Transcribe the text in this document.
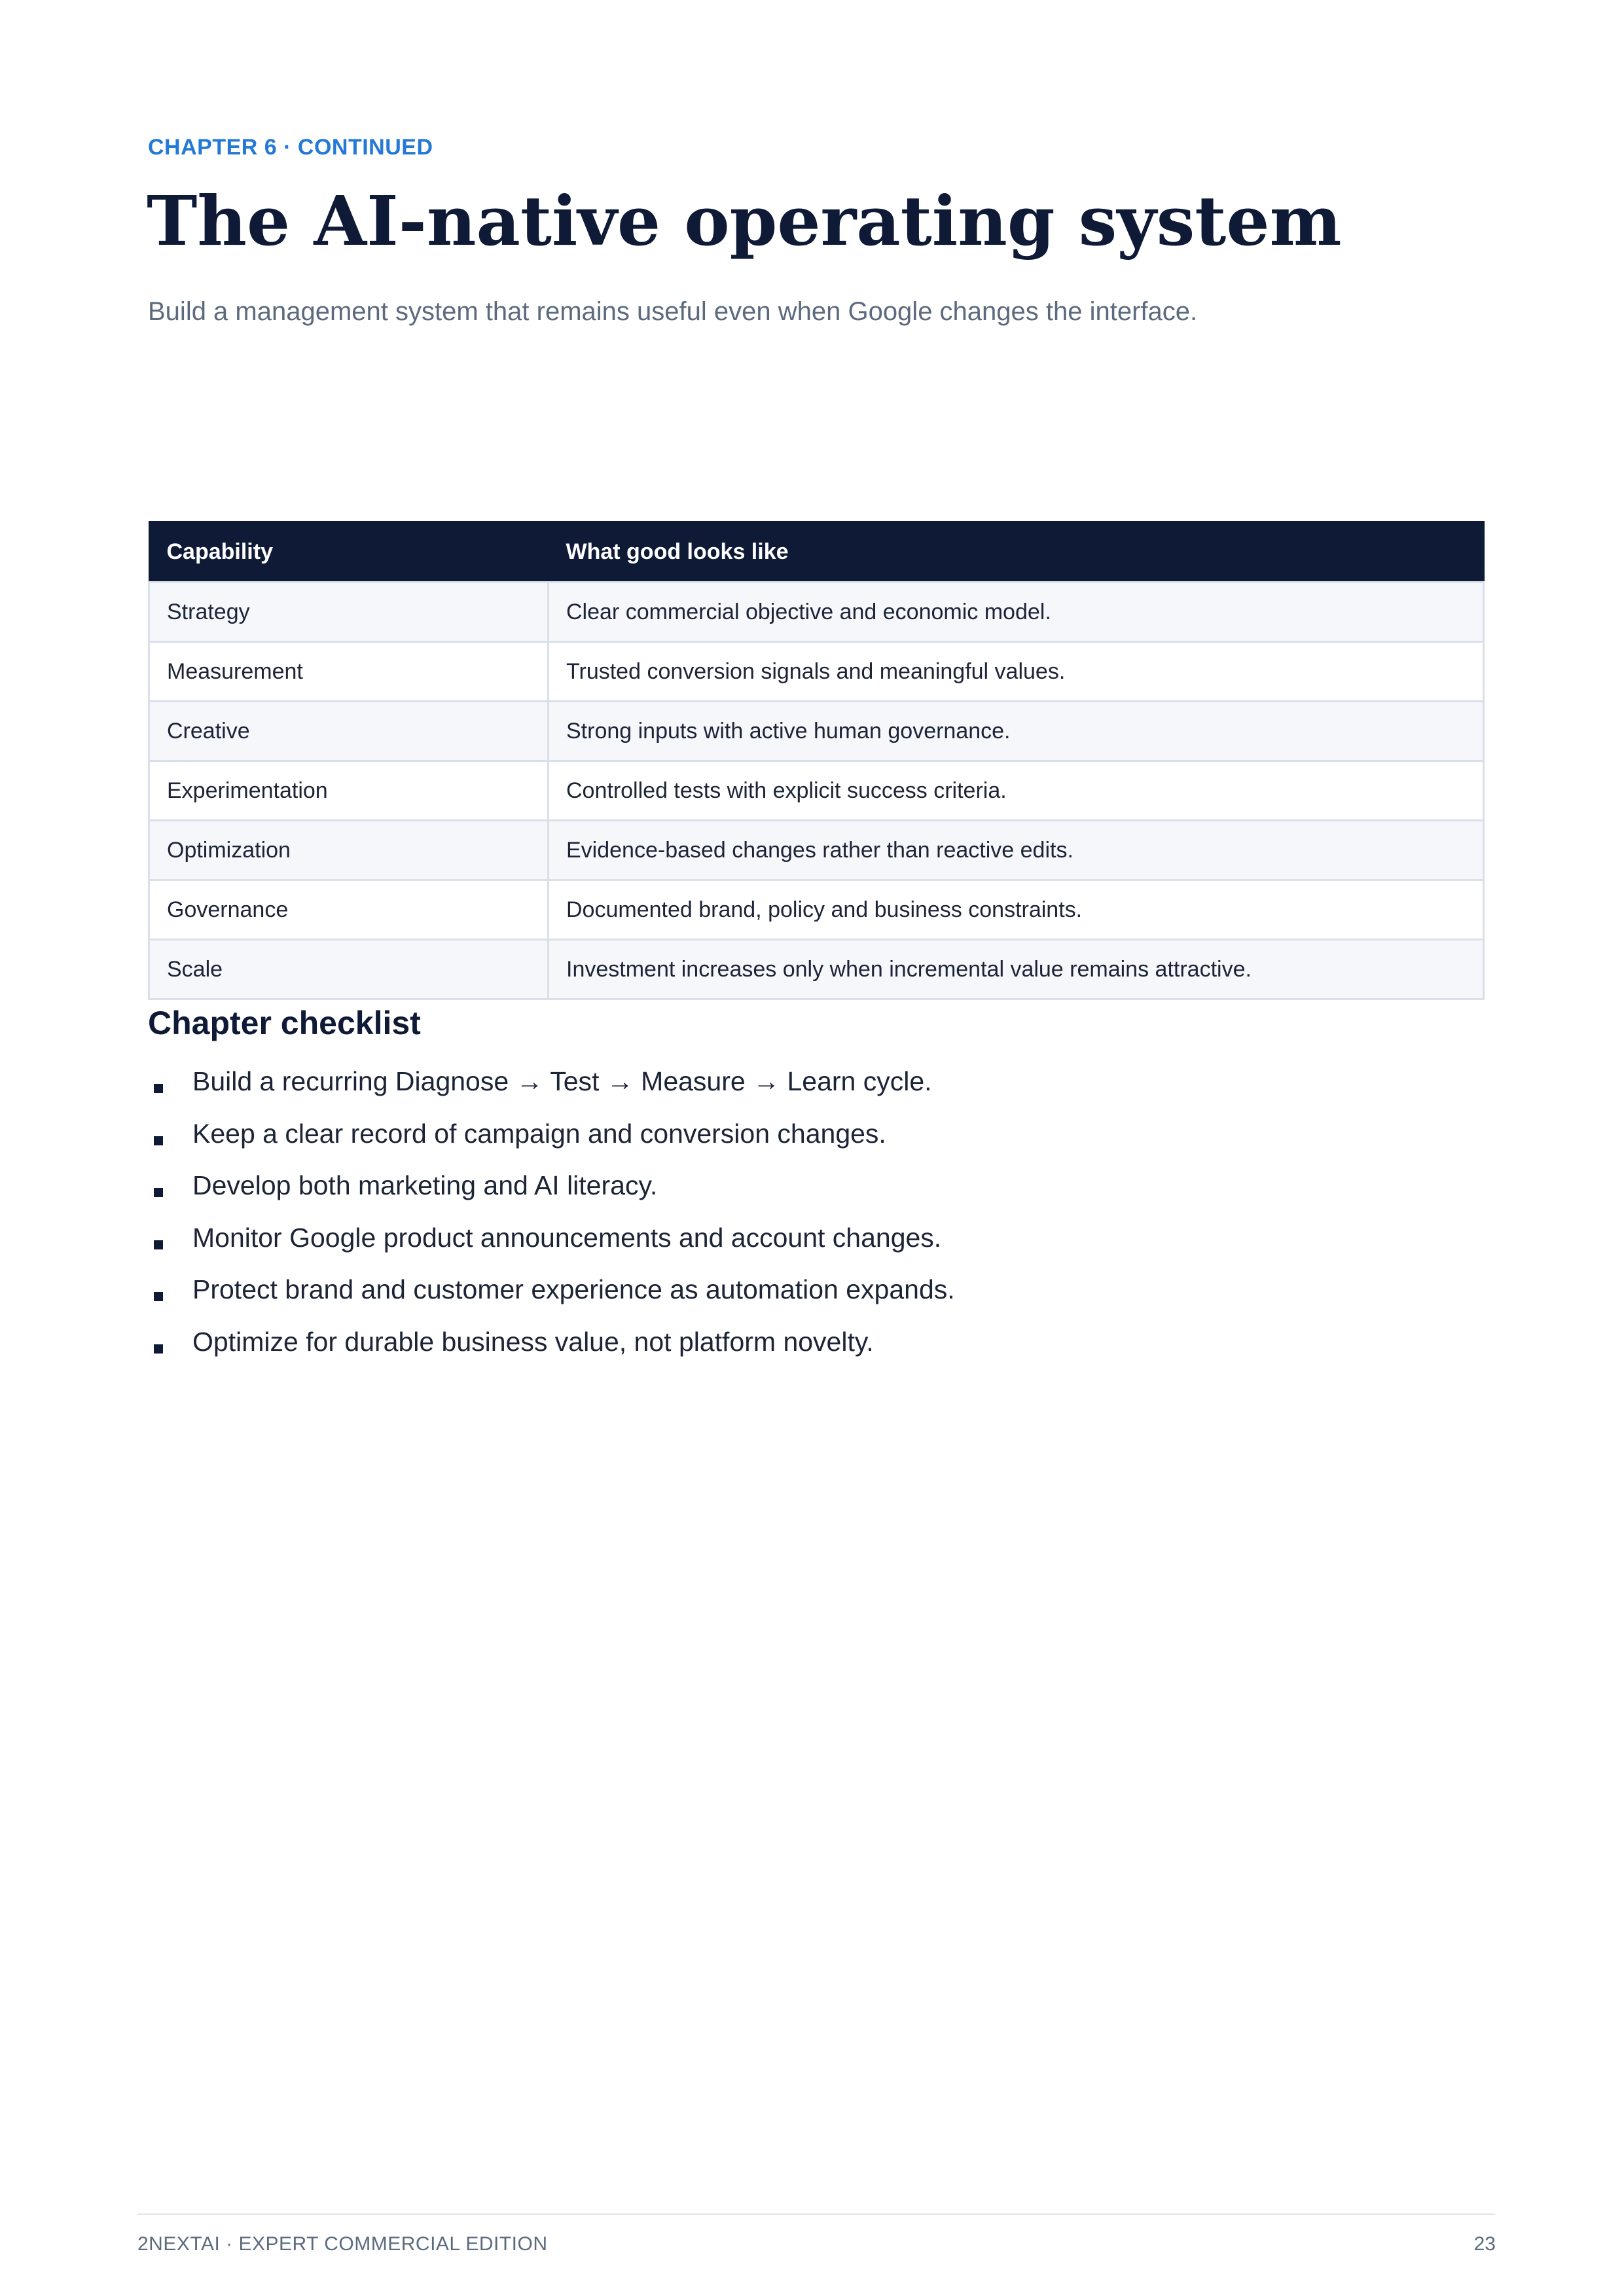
CHAPTER 6 · CONTINUED
The AI-native operating system
Build a management system that remains useful even when Google changes the interface.
Capability	What good looks like
Strategy	Clear commercial objective and economic model.
Measurement	Trusted conversion signals and meaningful values.
Creative	Strong inputs with active human governance.
Experimentation	Controlled tests with explicit success criteria.
Optimization	Evidence-based changes rather than reactive edits.
Governance	Documented brand, policy and business constraints.
Scale	Investment increases only when incremental value remains attractive.
Chapter checklist
Build a recurring Diagnose → Test → Measure → Learn cycle.
Keep a clear record of campaign and conversion changes.
Develop both marketing and AI literacy.
Monitor Google product announcements and account changes.
Protect brand and customer experience as automation expands.
Optimize for durable business value, not platform novelty.
2NEXTAI · EXPERT COMMERCIAL EDITION	23
